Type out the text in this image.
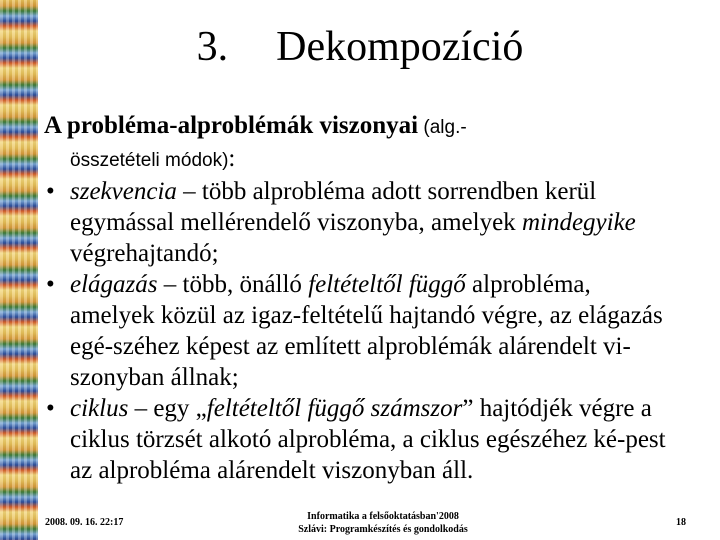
3. Dekompozíció

A probléma-alproblémák viszonyai (alg.-
összetételi módok):

• szekvencia – több alprobléma adott sorrendben kerül egymással mellérendelő viszonyba, amelyek mindegyike végrehajtandó;
• elágazás – több, önálló feltételtől függő alprobléma, amelyek közül az igaz-feltételű hajtandó végre, az elágazás egé-széhez képest az említett alproblémák alárendelt vi-szonyban állnak;
• ciklus – egy „feltételtől függő számszor” hajtódjék végre a ciklus törzsét alkotó alprobléma, a ciklus egészéhez ké-pest az alprobléma alárendelt viszonyban áll.
2008. 09. 16. 22:17
Informatika a felsőoktatásban'2008
Szlávi: Programkészítés és gondolkodás
18
